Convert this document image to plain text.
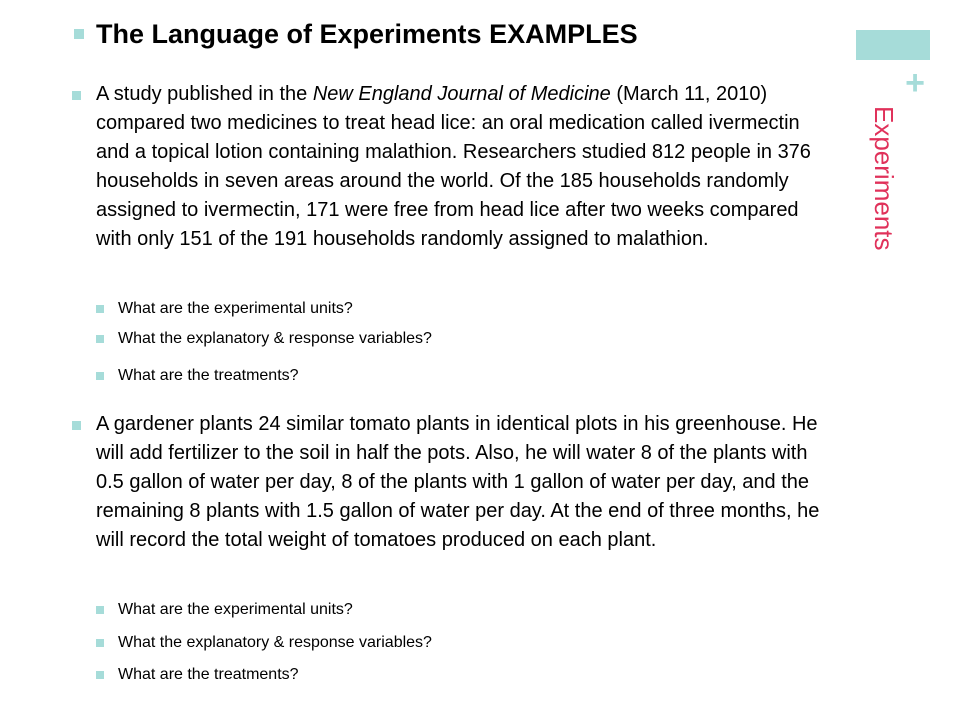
+
Experiments
The Language of Experiments EXAMPLES
A study published in the New England Journal of Medicine (March 11, 2010) compared two medicines to treat head lice: an oral medication called ivermectin and a topical lotion containing malathion. Researchers studied 812 people in 376 households in seven areas around the world. Of the 185 households randomly assigned to ivermectin, 171 were free from head lice after two weeks compared with only 151 of the 191 households randomly assigned to malathion.
What are the experimental units?
What the explanatory & response variables?
What are the treatments?
A gardener plants 24 similar tomato plants in identical plots in his greenhouse. He will add fertilizer to the soil in half the pots. Also, he will water 8 of the plants with 0.5 gallon of water per day, 8 of the plants with 1 gallon of water per day, and the remaining 8 plants with 1.5 gallon of water per day. At the end of three months, he will record the total weight of tomatoes produced on each plant.
What are the experimental units?
What the explanatory & response variables?
What are the treatments?
